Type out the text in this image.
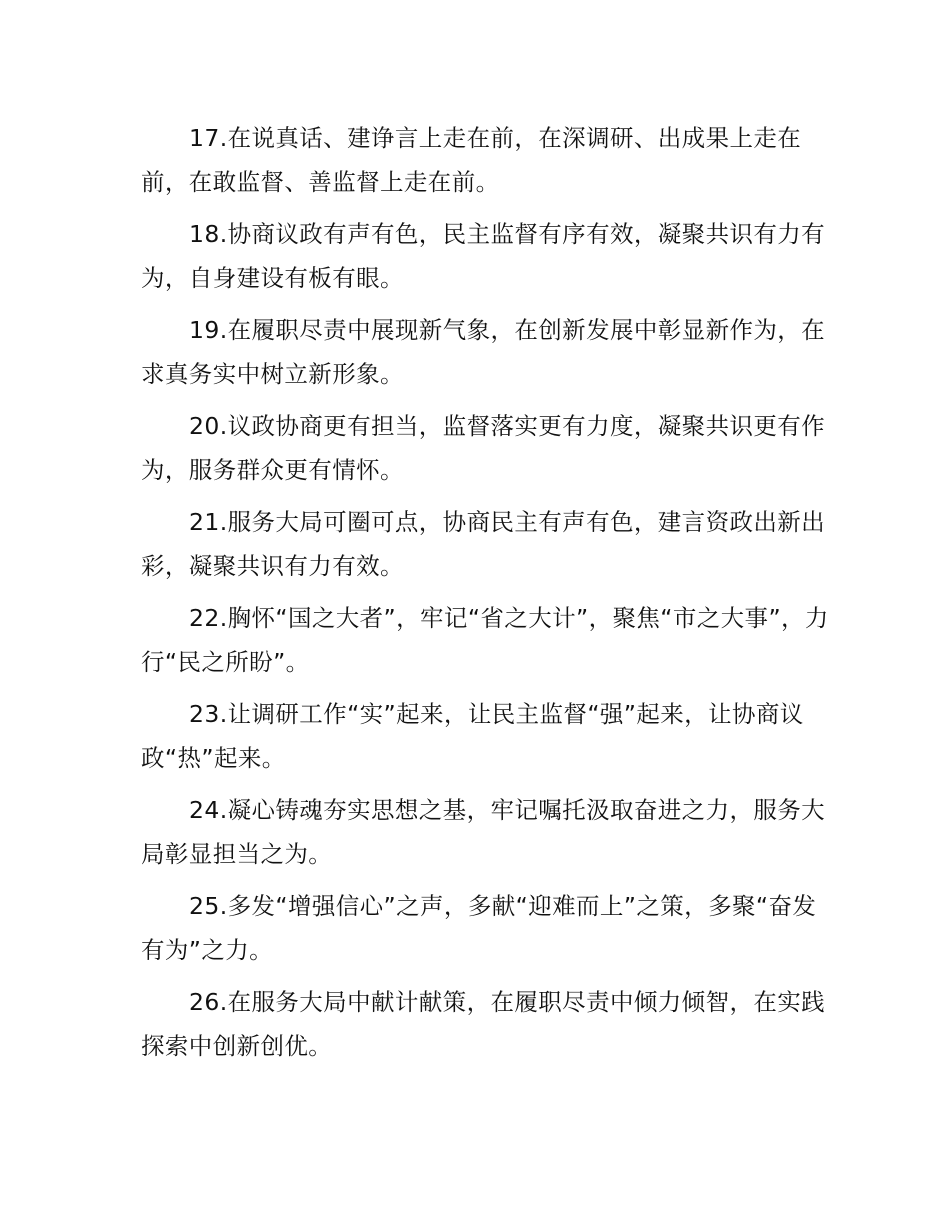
17.在说真话、建诤言上走在前，在深调研、出成果上走在前，在敢监督、善监督上走在前。

18.协商议政有声有色，民主监督有序有效，凝聚共识有力有为，自身建设有板有眼。

19.在履职尽责中展现新气象，在创新发展中彰显新作为，在求真务实中树立新形象。

20.议政协商更有担当，监督落实更有力度，凝聚共识更有作为，服务群众更有情怀。

21.服务大局可圈可点，协商民主有声有色，建言资政出新出彩，凝聚共识有力有效。

22.胸怀“国之大者”，牢记“省之大计”，聚焦“市之大事”，力行“民之所盼”。

23.让调研工作“实”起来，让民主监督“强”起来，让协商议政“热”起来。

24.凝心铸魂夯实思想之基，牢记嘱托汲取奋进之力，服务大局彰显担当之为。

25.多发“增强信心”之声，多献“迎难而上”之策，多聚“奋发有为”之力。

26.在服务大局中献计献策，在履职尽责中倾力倾智，在实践探索中创新创优。
